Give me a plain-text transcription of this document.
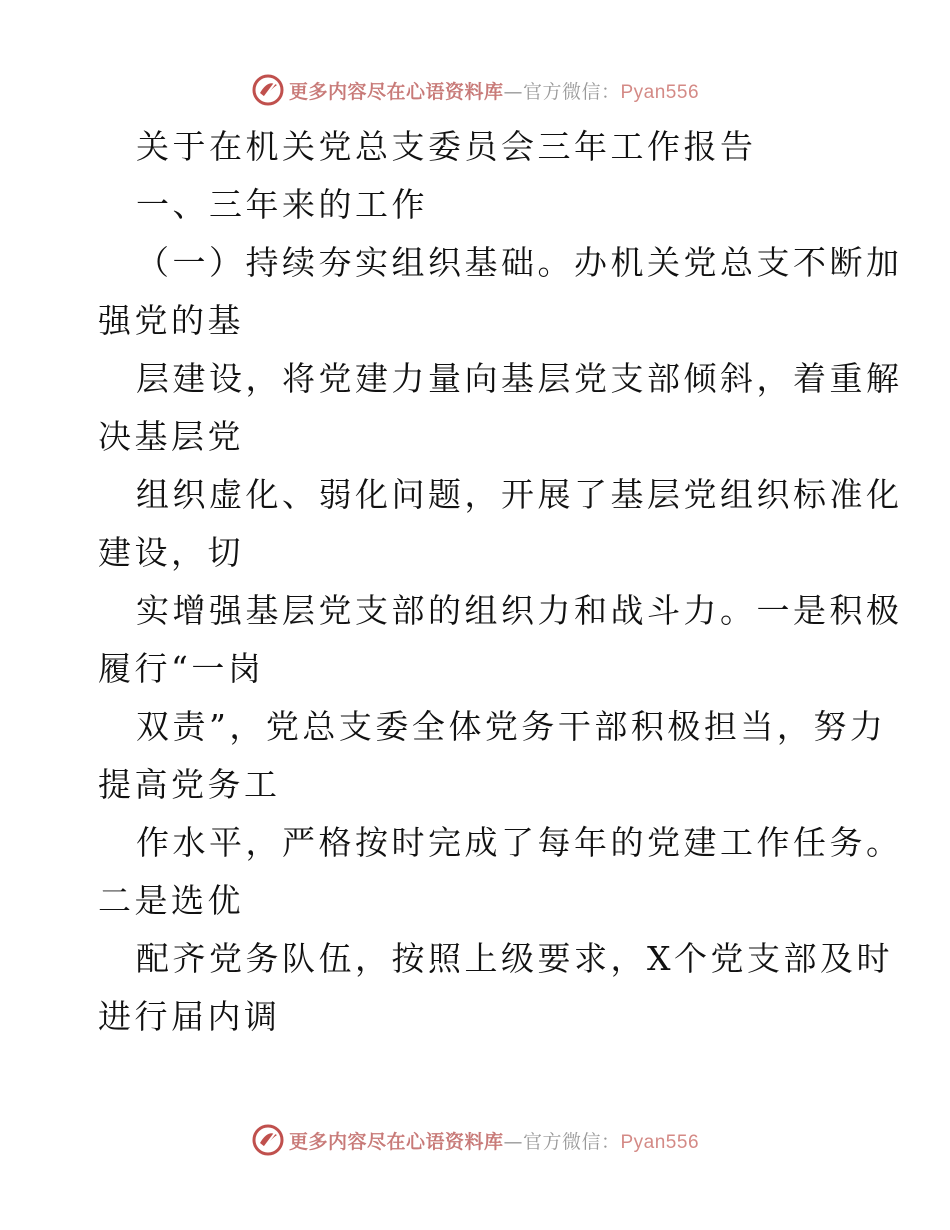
更多内容尽在心语资料库—官方微信：Pyan556
关于在机关党总支委员会三年工作报告
一、三年来的工作
（一）持续夯实组织基础。办机关党总支不断加
强党的基
层建设，将党建力量向基层党支部倾斜，着重解
决基层党
组织虚化、弱化问题，开展了基层党组织标准化
建设，切
实增强基层党支部的组织力和战斗力。一是积极
履行“一岗
双责”，党总支委全体党务干部积极担当，努力
提高党务工
作水平，严格按时完成了每年的党建工作任务。
二是选优
配齐党务队伍，按照上级要求，X个党支部及时
进行届内调
更多内容尽在心语资料库—官方微信：Pyan556
